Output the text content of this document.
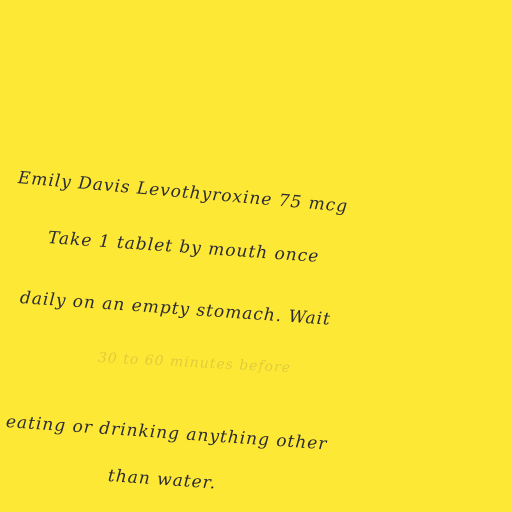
Emily Davis Levothyroxine 75 mcg
Take 1 tablet by mouth once
daily on an empty stomach. Wait
30 to 60 minutes before
eating or drinking anything other
than water.
